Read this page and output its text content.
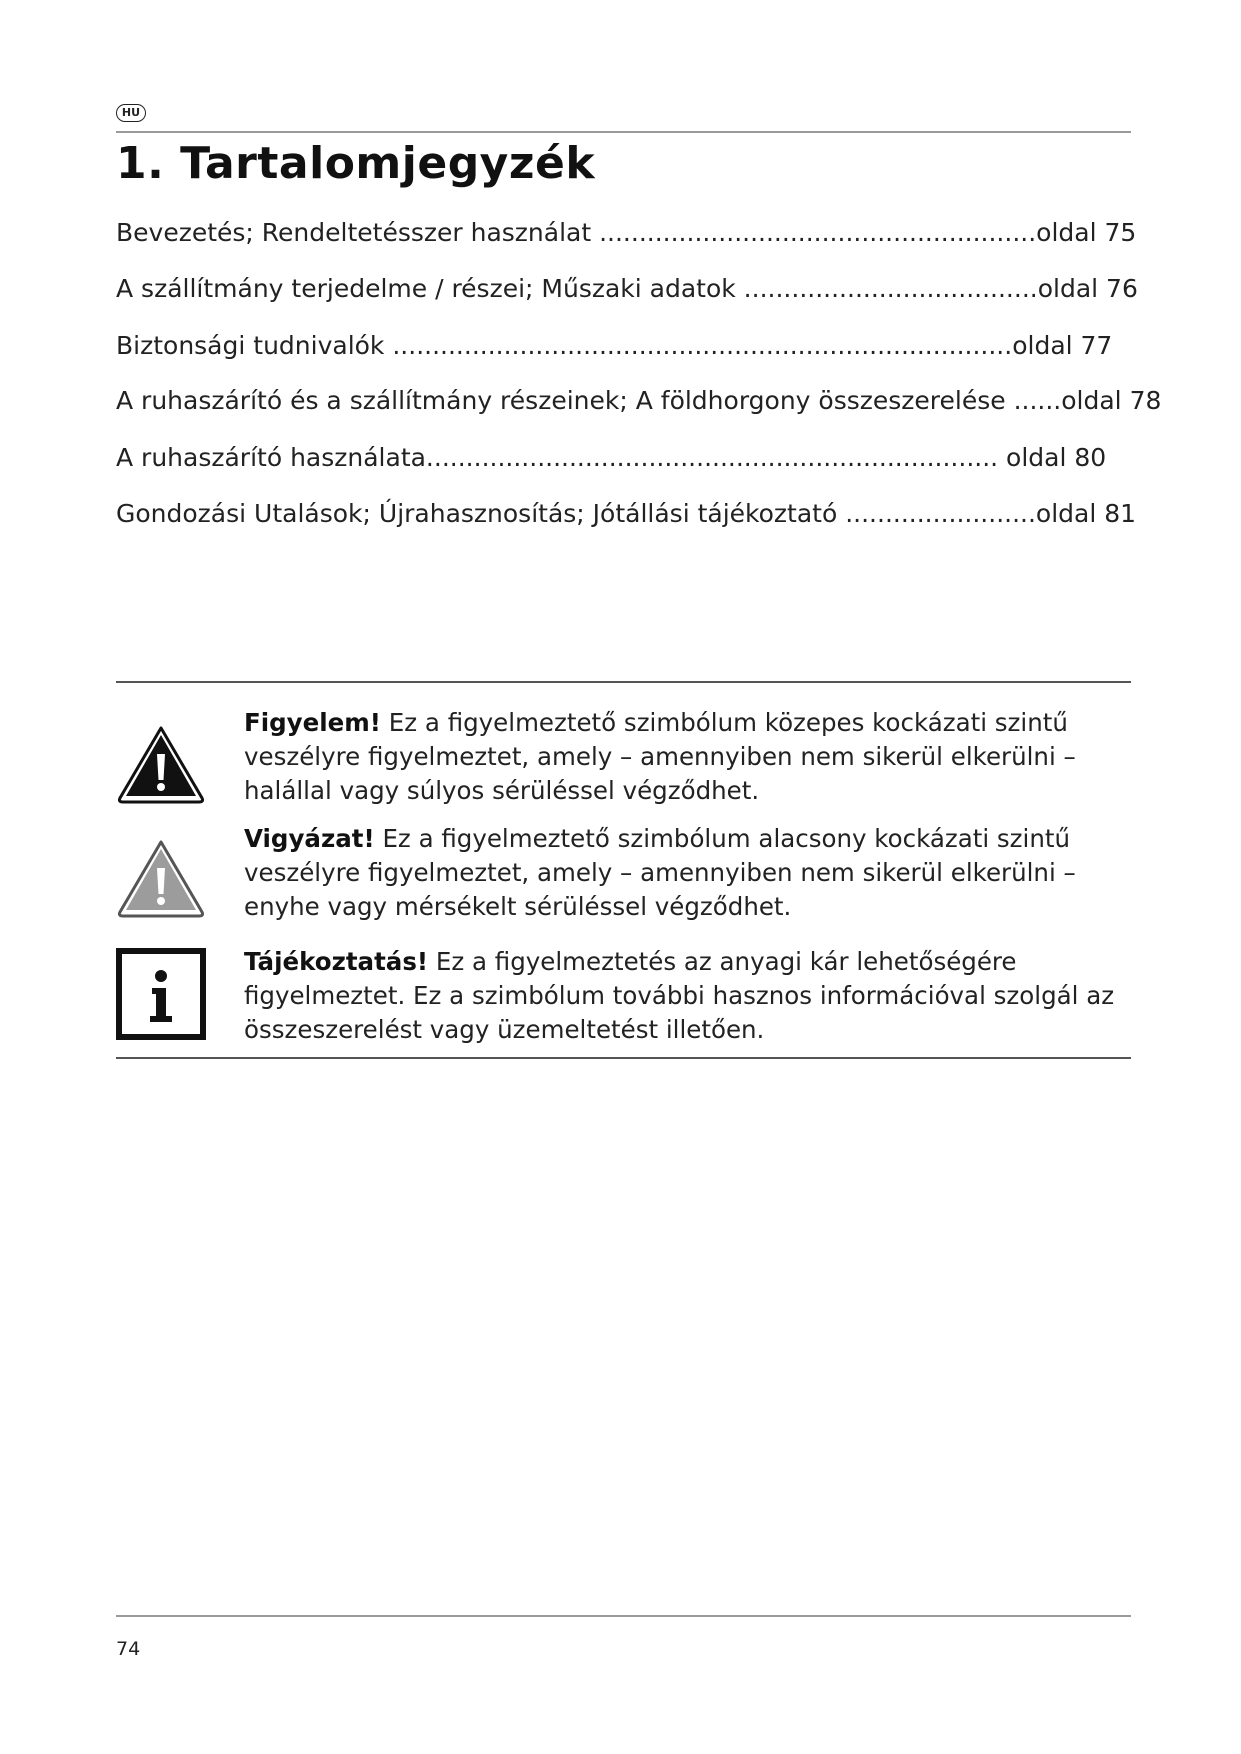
HU
1. Tartalomjegyzék
Bevezetés; Rendeltetésszer használat .......................................................oldal 75
A szállítmány terjedelme / részei; Műszaki adatok .....................................oldal 76
Biztonsági tudnivalók ..............................................................................oldal 77
A ruhaszárító és a szállítmány részeinek; A földhorgony összeszerelése ......oldal 78
A ruhaszárító használata........................................................................ oldal 80
Gondozási Utalások; Újrahasznosítás; Jótállási tájékoztató ........................oldal 81
Figyelem! Ez a figyelmeztető szimbólum közepes kockázati szintű veszélyre figyelmeztet, amely – amennyiben nem sikerül elkerülni – halállal vagy súlyos sérüléssel végződhet.
Vigyázat! Ez a figyelmeztető szimbólum alacsony kockázati szintű veszélyre figyelmeztet, amely – amennyiben nem sikerül elkerülni – enyhe vagy mérsékelt sérüléssel végződhet.
Tájékoztatás! Ez a figyelmeztetés az anyagi kár lehetőségére figyelmeztet. Ez a szimbólum további hasznos információval szolgál az összeszerelést vagy üzemeltetést illetően.
74
